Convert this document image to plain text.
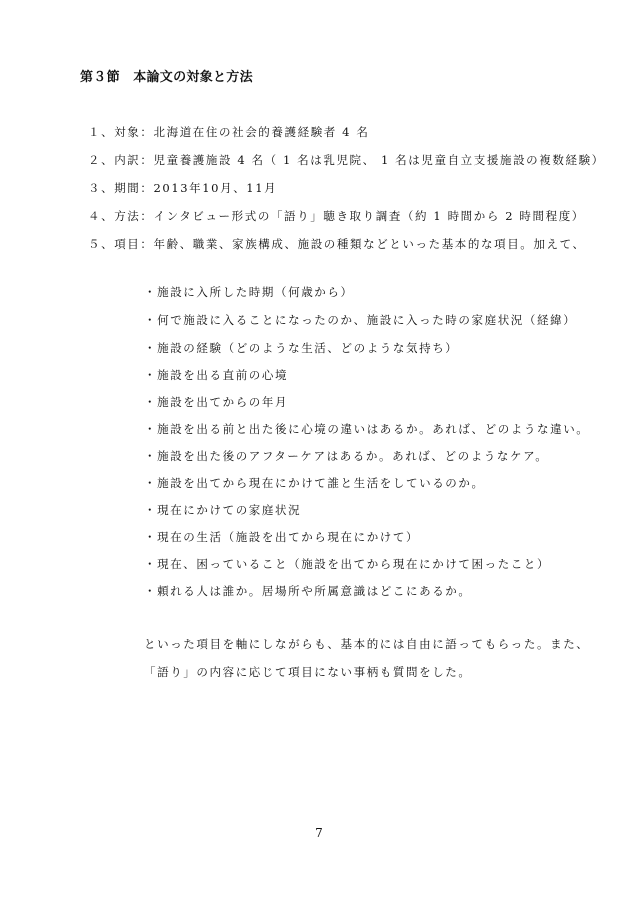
第３節　本論文の対象と方法
１、対象：北海道在住の社会的養護経験者 4 名
２、内訳：児童養護施設 4 名（ 1 名は乳児院、 1 名は児童自立支援施設の複数経験）
３、期間：2013年10月、11月
４、方法：インタビュー形式の「語り」聴き取り調査（約 1 時間から 2 時間程度）
５、項目：年齢、職業、家族構成、施設の種類などといった基本的な項目。加えて、
・施設に入所した時期（何歳から）
・何で施設に入ることになったのか、施設に入った時の家庭状況（経緯）
・施設の経験（どのような生活、どのような気持ち）
・施設を出る直前の心境
・施設を出てからの年月
・施設を出る前と出た後に心境の違いはあるか。あれば、どのような違い。
・施設を出た後のアフターケアはあるか。あれば、どのようなケア。
・施設を出てから現在にかけて誰と生活をしているのか。
・現在にかけての家庭状況
・現在の生活（施設を出てから現在にかけて）
・現在、困っていること（施設を出てから現在にかけて困ったこと）
・頼れる人は誰か。居場所や所属意識はどこにあるか。
といった項目を軸にしながらも、基本的には自由に語ってもらった。また、
「語り」の内容に応じて項目にない事柄も質問をした。
7
